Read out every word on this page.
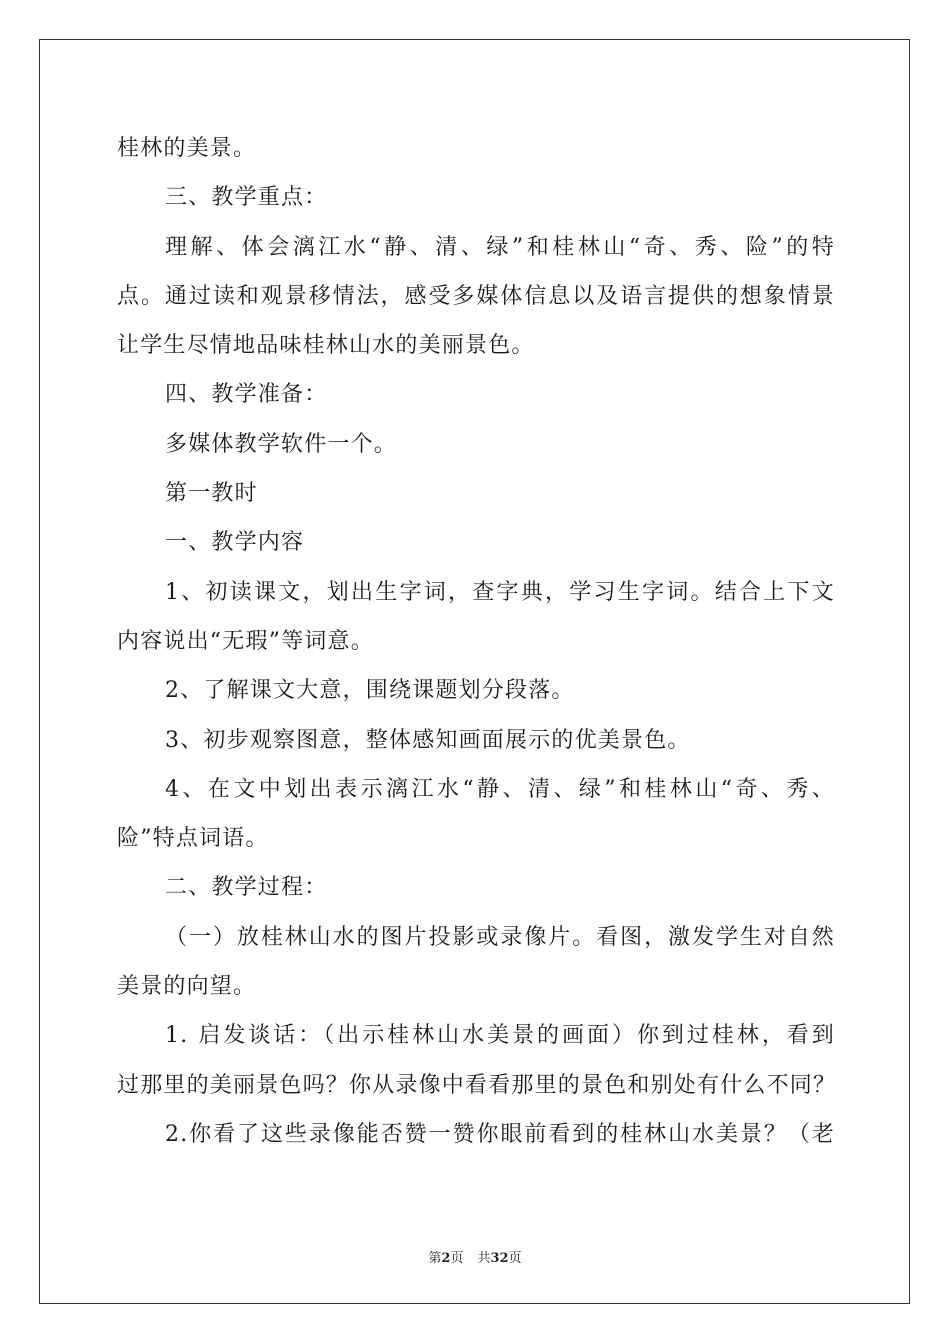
桂林的美景。
三、教学重点：
理解、体会漓江水“静、清、绿”和桂林山“奇、秀、险”的特
点。通过读和观景移情法，感受多媒体信息以及语言提供的想象情景
让学生尽情地品味桂林山水的美丽景色。
四、教学准备：
多媒体教学软件一个。
第一教时
一、教学内容
1、初读课文，划出生字词，查字典，学习生字词。结合上下文
内容说出“无瑕”等词意。
2、了解课文大意，围绕课题划分段落。
3、初步观察图意，整体感知画面展示的优美景色。
4、在文中划出表示漓江水“静、清、绿”和桂林山“奇、秀、
险”特点词语。
二、教学过程：
（一）放桂林山水的图片投影或录像片。看图，激发学生对自然
美景的向望。
1. 启发谈话：（出示桂林山水美景的画面）你到过桂林，看到
过那里的美丽景色吗？你从录像中看看那里的景色和别处有什么不同？
2.你看了这些录像能否赞一赞你眼前看到的桂林山水美景？（老
第2页 共32页
